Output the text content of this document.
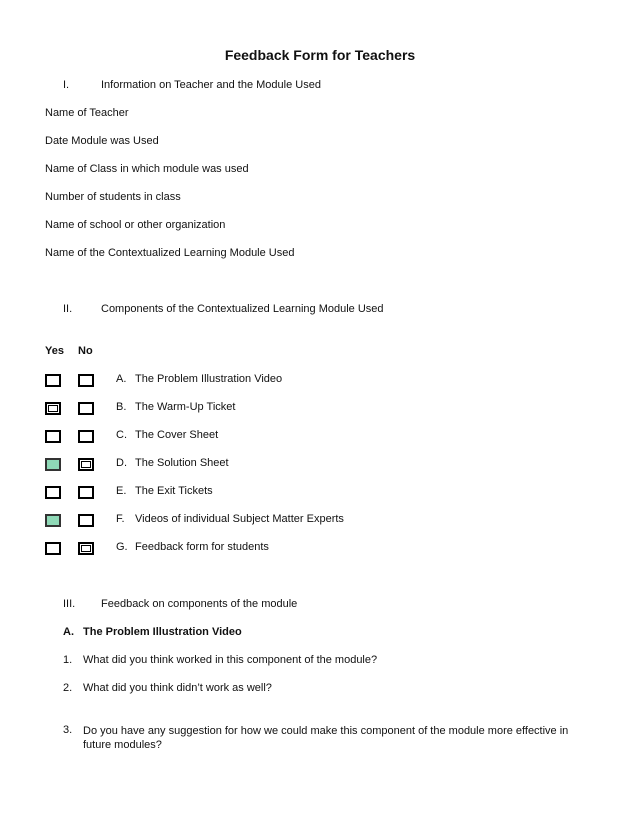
Feedback Form for Teachers
I.	Information on Teacher and the Module Used
Name of Teacher
Date Module was Used
Name of Class in which module was used
Number of students in class
Name of school or other organization
Name of the Contextualized Learning Module Used
II.	Components of the Contextualized Learning Module Used
Yes No
A. The Problem Illustration Video
B. The Warm-Up Ticket
C. The Cover Sheet
D. The Solution Sheet
E. The Exit Tickets
F. Videos of individual Subject Matter Experts
G. Feedback form for students
III. Feedback on components of the module
A. The Problem Illustration Video
1. What did you think worked in this component of the module?
2. What did you think didn’t work as well?
3. Do you have any suggestion for how we could make this component of the module more effective in future modules?
